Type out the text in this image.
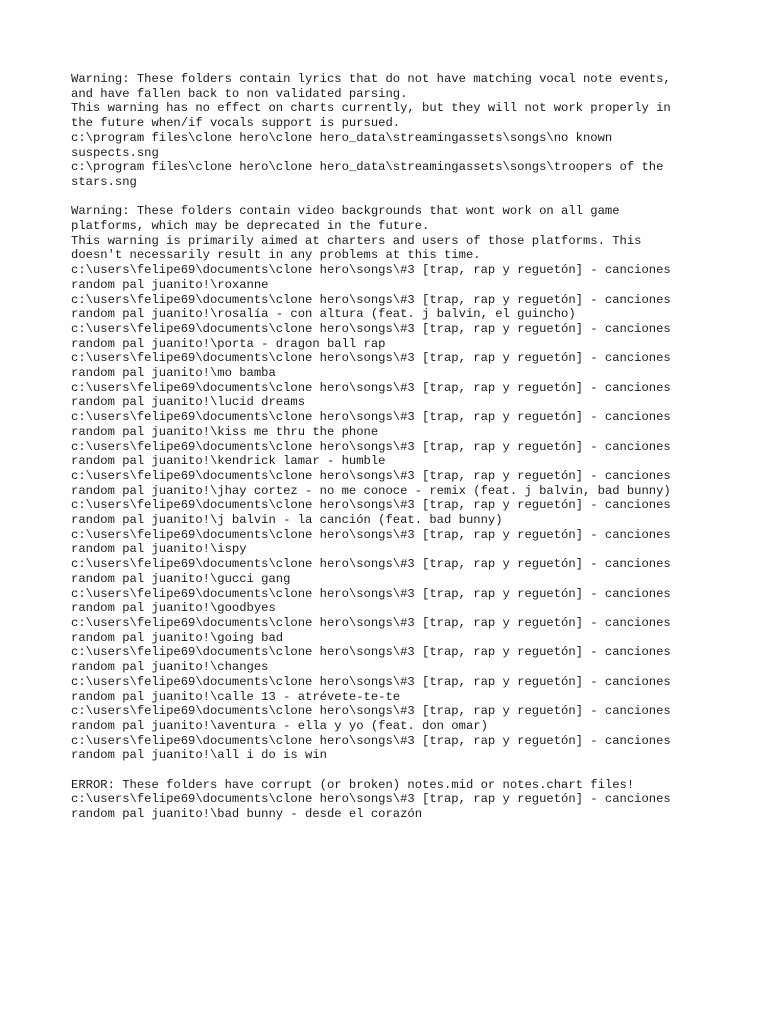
Warning: These folders contain lyrics that do not have matching vocal note events,
and have fallen back to non validated parsing.
This warning has no effect on charts currently, but they will not work properly in
the future when/if vocals support is pursued.
c:\program files\clone hero\clone hero_data\streamingassets\songs\no known
suspects.sng
c:\program files\clone hero\clone hero_data\streamingassets\songs\troopers of the
stars.sng
Warning: These folders contain video backgrounds that wont work on all game
platforms, which may be deprecated in the future.
This warning is primarily aimed at charters and users of those platforms. This
doesn't necessarily result in any problems at this time.
c:\users\felipe69\documents\clone hero\songs\#3 [trap, rap y reguetón] - canciones
random pal juanito!\roxanne
c:\users\felipe69\documents\clone hero\songs\#3 [trap, rap y reguetón] - canciones
random pal juanito!\rosalía - con altura (feat. j balvin, el guincho)
c:\users\felipe69\documents\clone hero\songs\#3 [trap, rap y reguetón] - canciones
random pal juanito!\porta - dragon ball rap
c:\users\felipe69\documents\clone hero\songs\#3 [trap, rap y reguetón] - canciones
random pal juanito!\mo bamba
c:\users\felipe69\documents\clone hero\songs\#3 [trap, rap y reguetón] - canciones
random pal juanito!\lucid dreams
c:\users\felipe69\documents\clone hero\songs\#3 [trap, rap y reguetón] - canciones
random pal juanito!\kiss me thru the phone
c:\users\felipe69\documents\clone hero\songs\#3 [trap, rap y reguetón] - canciones
random pal juanito!\kendrick lamar - humble
c:\users\felipe69\documents\clone hero\songs\#3 [trap, rap y reguetón] - canciones
random pal juanito!\jhay cortez - no me conoce - remix (feat. j balvin, bad bunny)
c:\users\felipe69\documents\clone hero\songs\#3 [trap, rap y reguetón] - canciones
random pal juanito!\j balvin - la canción (feat. bad bunny)
c:\users\felipe69\documents\clone hero\songs\#3 [trap, rap y reguetón] - canciones
random pal juanito!\ispy
c:\users\felipe69\documents\clone hero\songs\#3 [trap, rap y reguetón] - canciones
random pal juanito!\gucci gang
c:\users\felipe69\documents\clone hero\songs\#3 [trap, rap y reguetón] - canciones
random pal juanito!\goodbyes
c:\users\felipe69\documents\clone hero\songs\#3 [trap, rap y reguetón] - canciones
random pal juanito!\going bad
c:\users\felipe69\documents\clone hero\songs\#3 [trap, rap y reguetón] - canciones
random pal juanito!\changes
c:\users\felipe69\documents\clone hero\songs\#3 [trap, rap y reguetón] - canciones
random pal juanito!\calle 13 - atrévete-te-te
c:\users\felipe69\documents\clone hero\songs\#3 [trap, rap y reguetón] - canciones
random pal juanito!\aventura - ella y yo (feat. don omar)
c:\users\felipe69\documents\clone hero\songs\#3 [trap, rap y reguetón] - canciones
random pal juanito!\all i do is win
ERROR: These folders have corrupt (or broken) notes.mid or notes.chart files!
c:\users\felipe69\documents\clone hero\songs\#3 [trap, rap y reguetón] - canciones
random pal juanito!\bad bunny - desde el corazón
